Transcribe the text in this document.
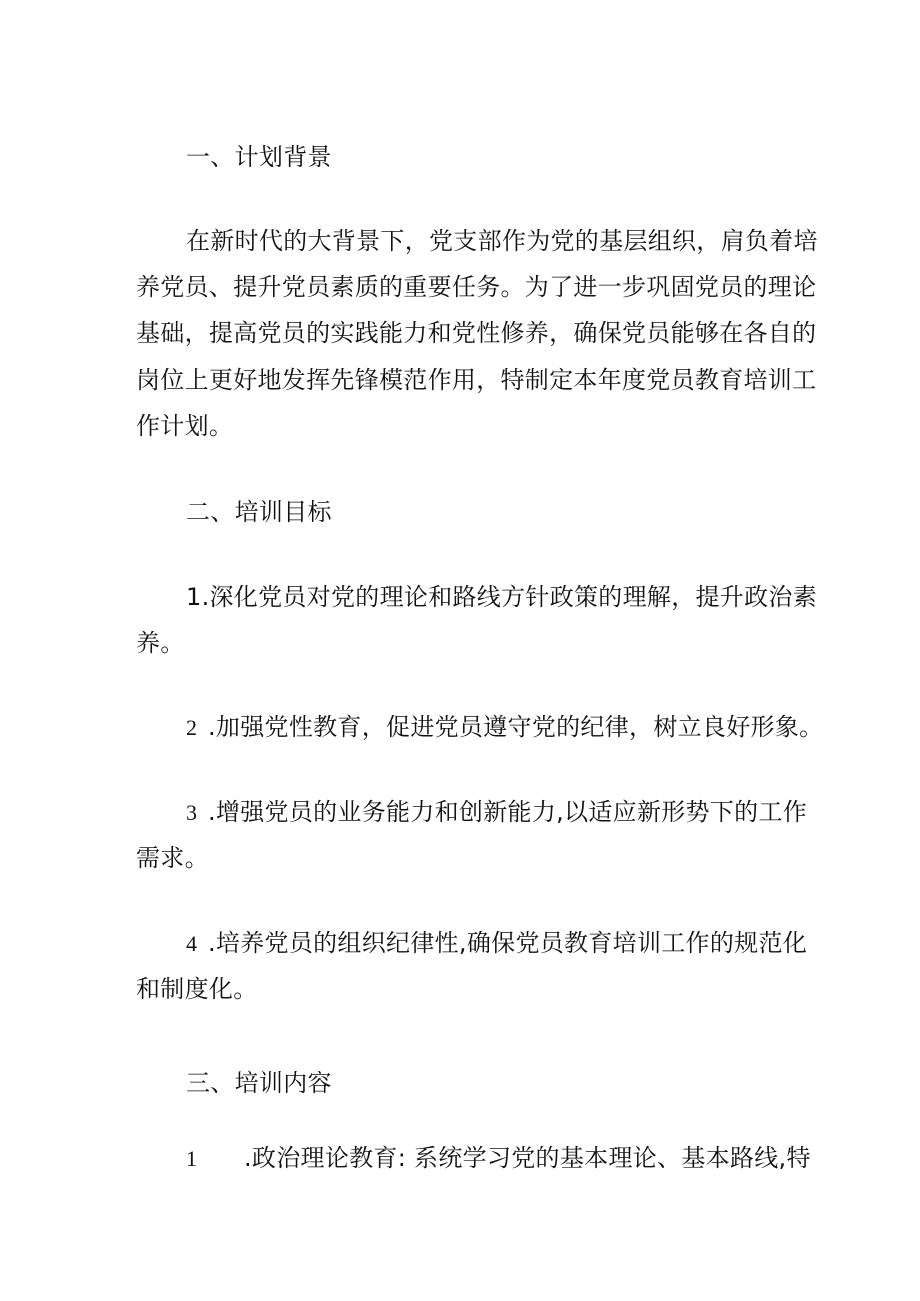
一、计划背景
在新时代的大背景下，党支部作为党的基层组织，肩负着培
养党员、提升党员素质的重要任务。为了进一步巩固党员的理论
基础，提高党员的实践能力和党性修养，确保党员能够在各自的
岗位上更好地发挥先锋模范作用，特制定本年度党员教育培训工
作计划。
二、培训目标
1.深化党员对党的理论和路线方针政策的理解，提升政治素
养。
2 .加强党性教育，促进党员遵守党的纪律，树立良好形象。
3 .增强党员的业务能力和创新能力,以适应新形势下的工作
需求。
4 .培养党员的组织纪律性,确保党员教育培训工作的规范化
和制度化。
三、培训内容
1 .政治理论教育: 系统学习党的基本理论、基本路线,特
